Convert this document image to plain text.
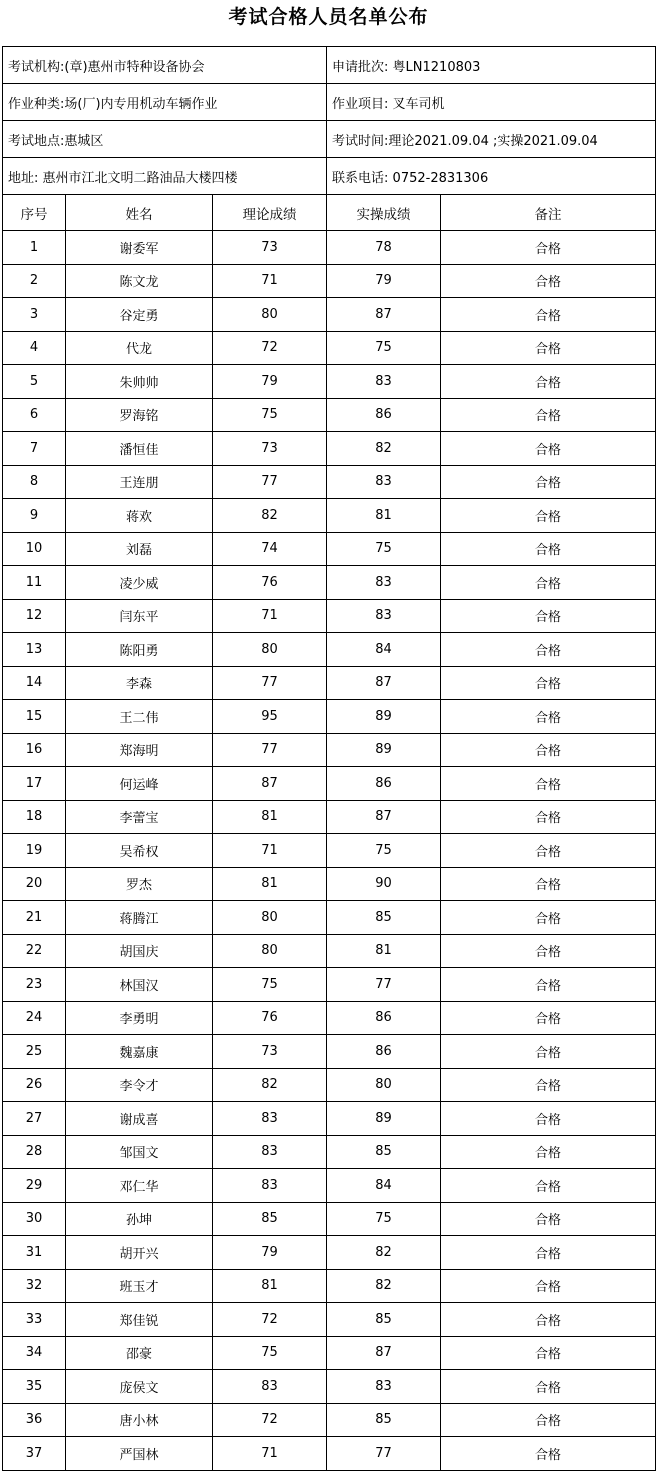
考试合格人员名单公布
考试机构:(章)惠州市特种设备协会			申请批次: 粤LN1210803	
作业种类:场(厂)内专用机动车辆作业			作业项目: 叉车司机	
考试地点:惠城区			考试时间:理论2021.09.04 ;实操2021.09.04	
地址: 惠州市江北文明二路油品大楼四楼			联系电话: 0752-2831306	
序号	姓名	理论成绩	实操成绩	备注
1	谢委军	73	78	合格
2	陈文龙	71	79	合格
3	谷定勇	80	87	合格
4	代龙	72	75	合格
5	朱帅帅	79	83	合格
6	罗海铭	75	86	合格
7	潘恒佳	73	82	合格
8	王连朋	77	83	合格
9	蒋欢	82	81	合格
10	刘磊	74	75	合格
11	凌少威	76	83	合格
12	闫东平	71	83	合格
13	陈阳勇	80	84	合格
14	李森	77	87	合格
15	王二伟	95	89	合格
16	郑海明	77	89	合格
17	何运峰	87	86	合格
18	李蕾宝	81	87	合格
19	吴希权	71	75	合格
20	罗杰	81	90	合格
21	蒋腾江	80	85	合格
22	胡国庆	80	81	合格
23	林国汉	75	77	合格
24	李勇明	76	86	合格
25	魏嘉康	73	86	合格
26	李令才	82	80	合格
27	谢成喜	83	89	合格
28	邹国文	83	85	合格
29	邓仁华	83	84	合格
30	孙坤	85	75	合格
31	胡开兴	79	82	合格
32	班玉才	81	82	合格
33	郑佳锐	72	85	合格
34	邵豪	75	87	合格
35	庞侯文	83	83	合格
36	唐小林	72	85	合格
37	严国林	71	77	合格
